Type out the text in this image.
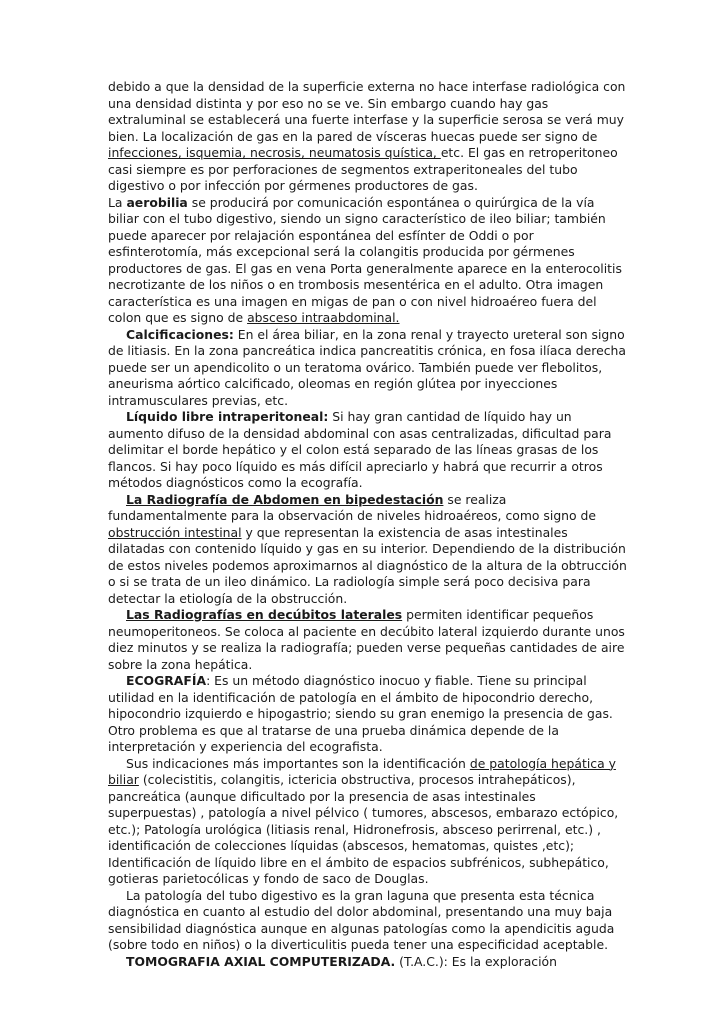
debido a que la densidad de la superficie externa no hace interfase radiológica con una densidad distinta y por eso no se ve. Sin embargo cuando hay gas extraluminal se establecerá una fuerte interfase y la superficie serosa se verá muy bien. La localización de gas en la pared de vísceras huecas puede ser signo de infecciones, isquemia, necrosis, neumatosis quística, etc. El gas en retroperitoneo casi siempre es por perforaciones de segmentos extraperitoneales del tubo digestivo o por infección por gérmenes productores de gas.

La aerobilia se producirá por comunicación espontánea o quirúrgica de la vía biliar con el tubo digestivo, siendo un signo característico de ileo biliar; también puede aparecer por relajación espontánea del esfínter de Oddi o por esfinterotomía, más excepcional será la colangitis producida por gérmenes productores de gas. El gas en vena Porta generalmente aparece en la enterocolitis necrotizante de los niños o en trombosis mesentérica en el adulto. Otra imagen característica es una imagen en migas de pan o con nivel hidroaéreo fuera del colon que es signo de absceso intraabdominal.

Calcificaciones: En el área biliar, en la zona renal y trayecto ureteral son signo de litiasis. En la zona pancreática indica pancreatitis crónica, en fosa ilíaca derecha puede ser un apendicolito o un teratoma ovárico. También puede ver flebolitos, aneurisma aórtico calcificado, oleomas en región glútea por inyecciones intramusculares previas, etc.

Líquido libre intraperitoneal: Si hay gran cantidad de líquido hay un aumento difuso de la densidad abdominal con asas centralizadas, dificultad para delimitar el borde hepático y el colon está separado de las líneas grasas de los flancos. Si hay poco líquido es más difícil apreciarlo y habrá que recurrir a otros métodos diagnósticos como la ecografía.

La Radiografía de Abdomen en bipedestación se realiza fundamentalmente para la observación de niveles hidroaéreos, como signo de obstrucción intestinal y que representan la existencia de asas intestinales dilatadas con contenido líquido y gas en su interior. Dependiendo de la distribución de estos niveles podemos aproximarnos al diagnóstico de la altura de la obtrucción o si se trata de un ileo dinámico. La radiología simple será poco decisiva para detectar la etiología de la obstrucción.

Las Radiografías en decúbitos laterales permiten identificar pequeños neumoperitoneos. Se coloca al paciente en decúbito lateral izquierdo durante unos diez minutos y se realiza la radiografía; pueden verse pequeñas cantidades de aire sobre la zona hepática.

ECOGRAFÍA: Es un método diagnóstico inocuo y fiable. Tiene su principal utilidad en la identificación de patología en el ámbito de hipocondrio derecho, hipocondrio izquierdo e hipogastrio; siendo su gran enemigo la presencia de gas. Otro problema es que al tratarse de una prueba dinámica depende de la interpretación y experiencia del ecografista.

Sus indicaciones más importantes son la identificación de patología hepática y biliar (colecistitis, colangitis, ictericia obstructiva, procesos intrahepáticos), pancreática (aunque dificultado por la presencia de asas intestinales superpuestas) , patología a nivel pélvico ( tumores, abscesos, embarazo ectópico, etc.); Patología urológica (litiasis renal, Hidronefrosis, absceso perirrenal, etc.) , identificación de colecciones líquidas (abscesos, hematomas, quistes ,etc); Identificación de líquido libre en el ámbito de espacios subfrénicos, subhepático, gotieras parietocólicas y fondo de saco de Douglas.

La patología del tubo digestivo es la gran laguna que presenta esta técnica diagnóstica en cuanto al estudio del dolor abdominal, presentando una muy baja sensibilidad diagnóstica aunque en algunas patologías como la apendicitis aguda (sobre todo en niños) o la diverticulitis pueda tener una especificidad aceptable.

TOMOGRAFIA AXIAL COMPUTERIZADA. (T.A.C.): Es la exploración
